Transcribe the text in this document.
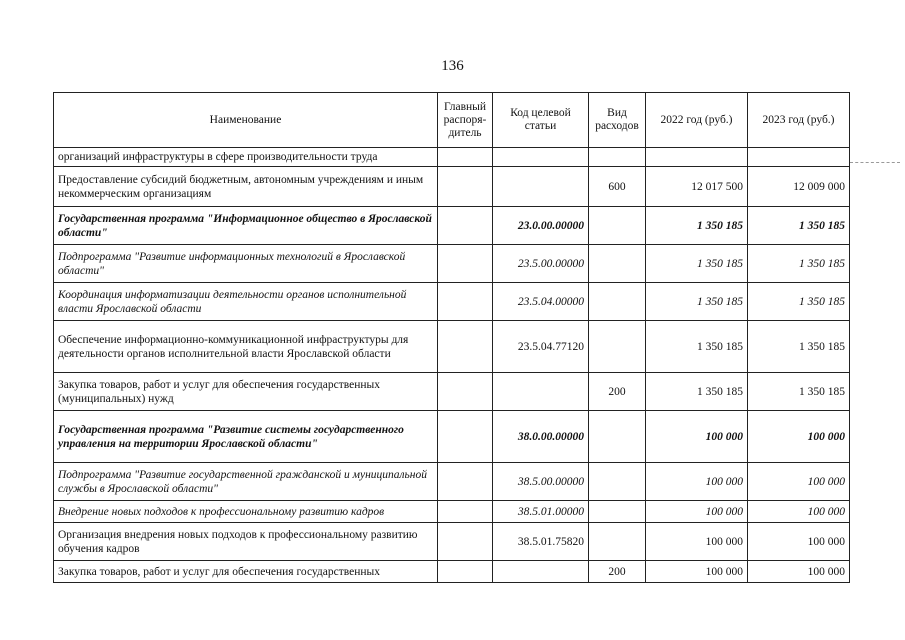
136
Наименование	Главный распоря-дитель	Код целевой статьи	Вид расходов	2022 год (руб.)	2023 год (руб.)
организаций инфраструктуры в сфере производительности труда					
Предоставление субсидий бюджетным, автономным учреждениям и иным некоммерческим организациям			600	12 017 500	12 009 000
Государственная программа "Информационное общество в Ярославской области"		23.0.00.00000		1 350 185	1 350 185
Подпрограмма "Развитие информационных технологий в Ярославской области"		23.5.00.00000		1 350 185	1 350 185
Координация информатизации деятельности органов исполнительной власти Ярославской области		23.5.04.00000		1 350 185	1 350 185
Обеспечение информационно-коммуникационной инфраструктуры для деятельности органов исполнительной власти Ярославской области		23.5.04.77120		1 350 185	1 350 185
Закупка товаров, работ и услуг для обеспечения государственных (муниципальных) нужд			200	1 350 185	1 350 185
Государственная программа "Развитие системы государственного управления на территории Ярославской области"		38.0.00.00000		100 000	100 000
Подпрограмма "Развитие государственной гражданской и муниципальной службы в Ярославской области"		38.5.00.00000		100 000	100 000
Внедрение новых подходов к профессиональному развитию кадров		38.5.01.00000		100 000	100 000
Организация внедрения новых подходов к профессиональному развитию обучения кадров		38.5.01.75820		100 000	100 000
Закупка товаров, работ и услуг для обеспечения государственных			200	100 000	100 000
